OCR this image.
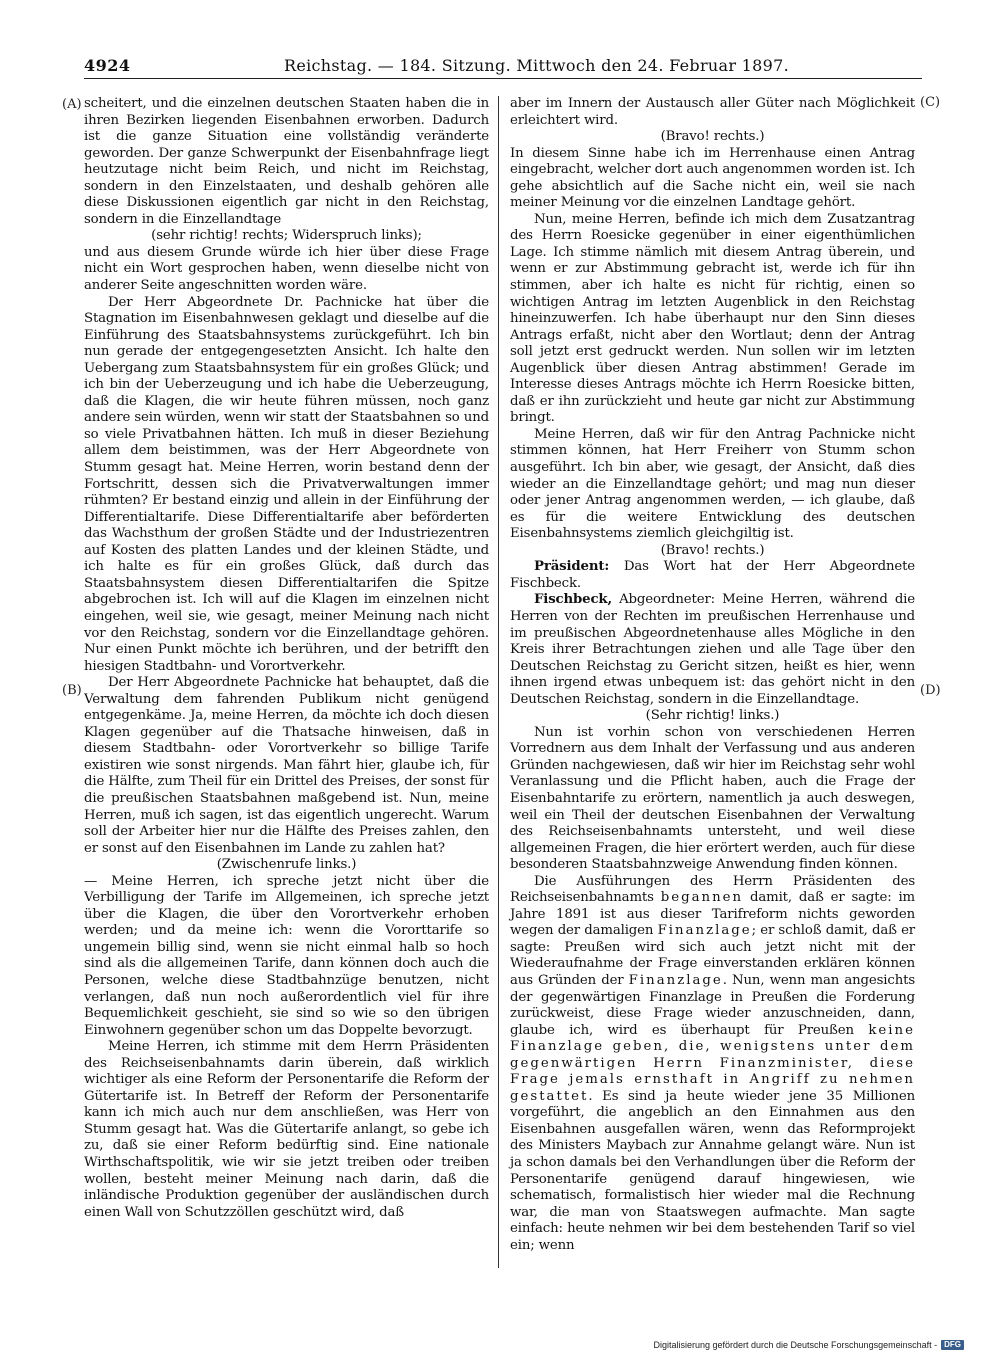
4924	Reichstag. — 184. Sitzung. Mittwoch den 24. Februar 1897.
(A)
(B)
(C)
(D)

scheitert, und die einzelnen deutschen Staaten haben die in ihren Bezirken liegenden Eisenbahnen erworben. Dadurch ist die ganze Situation eine vollständig veränderte geworden. Der ganze Schwerpunkt der Eisenbahnfrage liegt heutzutage nicht beim Reich, und nicht im Reichstag, sondern in den Einzelstaaten, und deshalb gehören alle diese Diskussionen eigentlich gar nicht in den Reichstag, sondern in die Einzellandtage

(sehr richtig! rechts; Widerspruch links);

und aus diesem Grunde würde ich hier über diese Frage nicht ein Wort gesprochen haben, wenn dieselbe nicht von anderer Seite angeschnitten worden wäre.

Der Herr Abgeordnete Dr. Pachnicke hat über die Stagnation im Eisenbahnwesen geklagt und dieselbe auf die Einführung des Staatsbahnsystems zurückgeführt. Ich bin nun gerade der entgegengesetzten Ansicht. Ich halte den Uebergang zum Staatsbahnsystem für ein großes Glück; und ich bin der Ueberzeugung und ich habe die Ueberzeugung, daß die Klagen, die wir heute führen müssen, noch ganz andere sein würden, wenn wir statt der Staatsbahnen so und so viele Privatbahnen hätten. Ich muß in dieser Beziehung allem dem beistimmen, was der Herr Abgeordnete von Stumm gesagt hat. Meine Herren, worin bestand denn der Fortschritt, dessen sich die Privatverwaltungen immer rühmten? Er bestand einzig und allein in der Einführung der Differentialtarife. Diese Differentialtarife aber beförderten das Wachsthum der großen Städte und der Industriezentren auf Kosten des platten Landes und der kleinen Städte, und ich halte es für ein großes Glück, daß durch das Staatsbahnsystem diesen Differentialtarifen die Spitze abgebrochen ist. Ich will auf die Klagen im einzelnen nicht eingehen, weil sie, wie gesagt, meiner Meinung nach nicht vor den Reichstag, sondern vor die Einzellandtage gehören. Nur einen Punkt möchte ich berühren, und der betrifft den hiesigen Stadtbahn- und Vorortverkehr.

Der Herr Abgeordnete Pachnicke hat behauptet, daß die Verwaltung dem fahrenden Publikum nicht genügend entgegenkäme. Ja, meine Herren, da möchte ich doch diesen Klagen gegenüber auf die Thatsache hinweisen, daß in diesem Stadtbahn- oder Vorortverkehr so billige Tarife existiren wie sonst nirgends. Man fährt hier, glaube ich, für die Hälfte, zum Theil für ein Drittel des Preises, der sonst für die preußischen Staatsbahnen maßgebend ist. Nun, meine Herren, muß ich sagen, ist das eigentlich ungerecht. Warum soll der Arbeiter hier nur die Hälfte des Preises zahlen, den er sonst auf den Eisenbahnen im Lande zu zahlen hat?

(Zwischenrufe links.)

— Meine Herren, ich spreche jetzt nicht über die Verbilligung der Tarife im Allgemeinen, ich spreche jetzt über die Klagen, die über den Vorortverkehr erhoben werden; und da meine ich: wenn die Vororttarife so ungemein billig sind, wenn sie nicht einmal halb so hoch sind als die allgemeinen Tarife, dann können doch auch die Personen, welche diese Stadtbahnzüge benutzen, nicht verlangen, daß nun noch außerordentlich viel für ihre Bequemlichkeit geschieht, sie sind so wie so den übrigen Einwohnern gegenüber schon um das Doppelte bevorzugt.

Meine Herren, ich stimme mit dem Herrn Präsidenten des Reichseisenbahnamts darin überein, daß wirklich wichtiger als eine Reform der Personentarife die Reform der Gütertarife ist. In Betreff der Reform der Personentarife kann ich mich auch nur dem anschließen, was Herr von Stumm gesagt hat. Was die Gütertarife anlangt, so gebe ich zu, daß sie einer Reform bedürftig sind. Eine nationale Wirthschaftspolitik, wie wir sie jetzt treiben oder treiben wollen, besteht meiner Meinung nach darin, daß die inländische Produktion gegenüber der ausländischen durch einen Wall von Schutzzöllen geschützt wird, daß

aber im Innern der Austausch aller Güter nach Möglichkeit erleichtert wird.

(Bravo! rechts.)

In diesem Sinne habe ich im Herrenhause einen Antrag eingebracht, welcher dort auch angenommen worden ist. Ich gehe absichtlich auf die Sache nicht ein, weil sie nach meiner Meinung vor die einzelnen Landtage gehört.

Nun, meine Herren, befinde ich mich dem Zusatzantrag des Herrn Roesicke gegenüber in einer eigenthümlichen Lage. Ich stimme nämlich mit diesem Antrag überein, und wenn er zur Abstimmung gebracht ist, werde ich für ihn stimmen, aber ich halte es nicht für richtig, einen so wichtigen Antrag im letzten Augenblick in den Reichstag hineinzuwerfen. Ich habe überhaupt nur den Sinn dieses Antrags erfaßt, nicht aber den Wortlaut; denn der Antrag soll jetzt erst gedruckt werden. Nun sollen wir im letzten Augenblick über diesen Antrag abstimmen! Gerade im Interesse dieses Antrags möchte ich Herrn Roesicke bitten, daß er ihn zurückzieht und heute gar nicht zur Abstimmung bringt.

Meine Herren, daß wir für den Antrag Pachnicke nicht stimmen können, hat Herr Freiherr von Stumm schon ausgeführt. Ich bin aber, wie gesagt, der Ansicht, daß dies wieder an die Einzellandtage gehört; und mag nun dieser oder jener Antrag angenommen werden, — ich glaube, daß es für die weitere Entwicklung des deutschen Eisenbahnsystems ziemlich gleichgiltig ist.

(Bravo! rechts.)

Präsident: Das Wort hat der Herr Abgeordnete Fischbeck.

Fischbeck, Abgeordneter: Meine Herren, während die Herren von der Rechten im preußischen Herrenhause und im preußischen Abgeordnetenhause alles Mögliche in den Kreis ihrer Betrachtungen ziehen und alle Tage über den Deutschen Reichstag zu Gericht sitzen, heißt es hier, wenn ihnen irgend etwas unbequem ist: das gehört nicht in den Deutschen Reichstag, sondern in die Einzellandtage.

(Sehr richtig! links.)

Nun ist vorhin schon von verschiedenen Herren Vorrednern aus dem Inhalt der Verfassung und aus anderen Gründen nachgewiesen, daß wir hier im Reichstag sehr wohl Veranlassung und die Pflicht haben, auch die Frage der Eisenbahntarife zu erörtern, namentlich ja auch deswegen, weil ein Theil der deutschen Eisenbahnen der Verwaltung des Reichseisenbahnamts untersteht, und weil diese allgemeinen Fragen, die hier erörtert werden, auch für diese besonderen Staatsbahnzweige Anwendung finden können.

Die Ausführungen des Herrn Präsidenten des Reichseisenbahnamts begannen damit, daß er sagte: im Jahre 1891 ist aus dieser Tarifreform nichts geworden wegen der damaligen Finanzlage; er schloß damit, daß er sagte: Preußen wird sich auch jetzt nicht mit der Wiederaufnahme der Frage einverstanden erklären können aus Gründen der Finanzlage. Nun, wenn man angesichts der gegenwärtigen Finanzlage in Preußen die Forderung zurückweist, diese Frage wieder anzuschneiden, dann, glaube ich, wird es überhaupt für Preußen keine Finanzlage geben, die, wenigstens unter dem gegenwärtigen Herrn Finanzminister, diese Frage jemals ernsthaft in Angriff zu nehmen gestattet. Es sind ja heute wieder jene 35 Millionen vorgeführt, die angeblich an den Einnahmen aus den Eisenbahnen ausgefallen wären, wenn das Reformprojekt des Ministers Maybach zur Annahme gelangt wäre. Nun ist ja schon damals bei den Verhandlungen über die Reform der Personentarife genügend darauf hingewiesen, wie schematisch, formalistisch hier wieder mal die Rechnung war, die man von Staatswegen aufmachte. Man sagte einfach: heute nehmen wir bei dem bestehenden Tarif so viel ein; wenn

Digitalisierung gefördert durch die Deutsche Forschungsgemeinschaft - DFG
